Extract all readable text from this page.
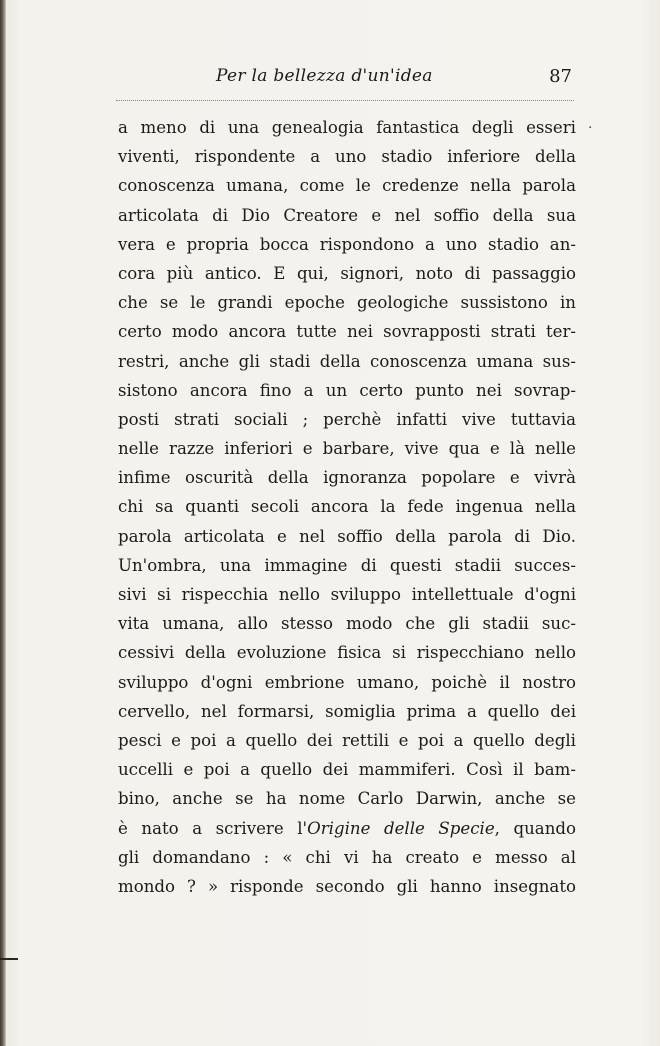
Per la bellezza d'un'idea	87
·
a meno di una genealogia fantastica degli esseri
viventi, rispondente a uno stadio inferiore della
conoscenza umana, come le credenze nella parola
articolata di Dio Creatore e nel soffio della sua
vera e propria bocca rispondono a uno stadio an-
cora più antico. E qui, signori, noto di passaggio
che se le grandi epoche geologiche sussistono in
certo modo ancora tutte nei sovrapposti strati ter-
restri, anche gli stadi della conoscenza umana sus-
sistono ancora fino a un certo punto nei sovrap-
posti strati sociali ; perchè infatti vive tuttavia
nelle razze inferiori e barbare, vive qua e là nelle
infime oscurità della ignoranza popolare e vivrà
chi sa quanti secoli ancora la fede ingenua nella
parola articolata e nel soffio della parola di Dio.
Un'ombra, una immagine di questi stadii succes-
sivi si rispecchia nello sviluppo intellettuale d'ogni
vita umana, allo stesso modo che gli stadii suc-
cessivi della evoluzione fisica si rispecchiano nello
sviluppo d'ogni embrione umano, poichè il nostro
cervello, nel formarsi, somiglia prima a quello dei
pesci e poi a quello dei rettili e poi a quello degli
uccelli e poi a quello dei mammiferi. Così il bam-
bino, anche se ha nome Carlo Darwin, anche se
è nato a scrivere l'Origine delle Specie, quando
gli domandano : « chi vi ha creato e messo al
mondo ? » risponde secondo gli hanno insegnato
